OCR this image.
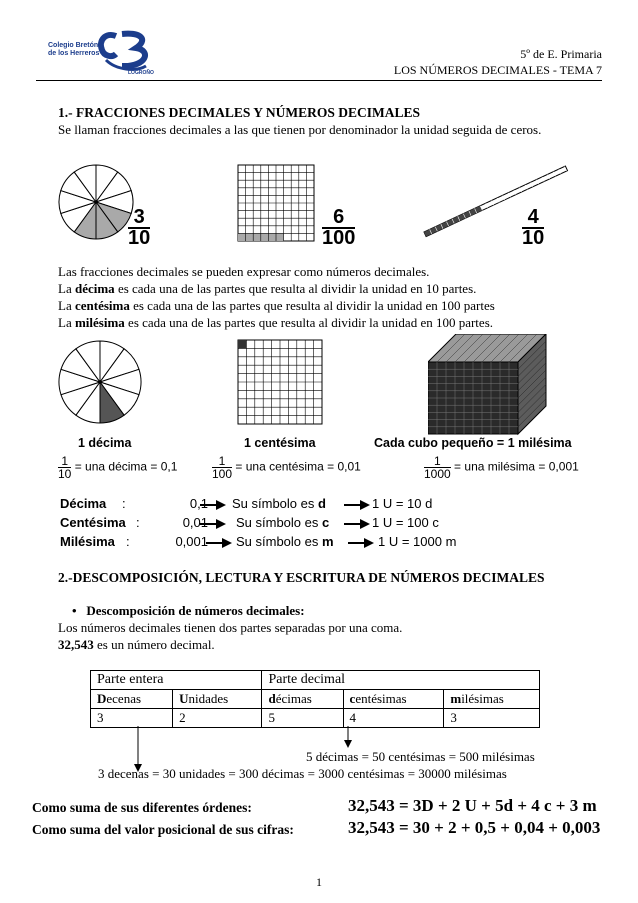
Colegio Bretón
de los Herreros
LOGROÑO
5º de E. Primaria
LOS NÚMEROS DECIMALES - TEMA 7
1.- FRACCIONES DECIMALES Y NÚMEROS DECIMALES
Se llaman fracciones decimales a las que tienen por denominador la unidad seguida de ceros.
$\frac{3}{10}$	$\frac{6}{100}$	$\frac{4}{10}$
Las fracciones decimales se pueden expresar como números decimales.
La décima es cada una de las partes que resulta al dividir la unidad en 10 partes.
La centésima es cada una de las partes que resulta al dividir la unidad en 100 partes
La milésima es cada una de las partes que resulta al dividir la unidad en 100 partes.
1 décima	1 centésima	Cada cubo pequeño = 1 milésima
$\frac{1}{10}$ = una décima = 0,1	$\frac{1}{100}$ = una centésima = 0,01	$\frac{1}{1000}$ = una milésima = 0,001
Décima :	0,1 Su símbolo es d	1 U = 10 d
Centésima :	0,01 Su símbolo es c	1 U = 100 c
Milésima :	0,001 Su símbolo es m	1 U = 1000 m
2.-DESCOMPOSICIÓN, LECTURA Y ESCRITURA DE NÚMEROS DECIMALES
•   Descomposición de números decimales:
Los números decimales tienen dos partes separadas por una coma.
32,543 es un número decimal.
Parte entera		Parte decimal		
Decenas	Unidades	décimas	centésimas	milésimas
3	2	5	4	3
5 décimas = 50 centésimas = 500 milésimas
3 decenas = 30 unidades = 300 décimas = 3000 centésimas = 30000 milésimas
Como suma de sus diferentes órdenes:	32,543 = 3D + 2 U + 5d + 4 c + 3 m
Como suma del valor posicional de sus cifras:	32,543 = 30 + 2 + 0,5 + 0,04 + 0,003
1
